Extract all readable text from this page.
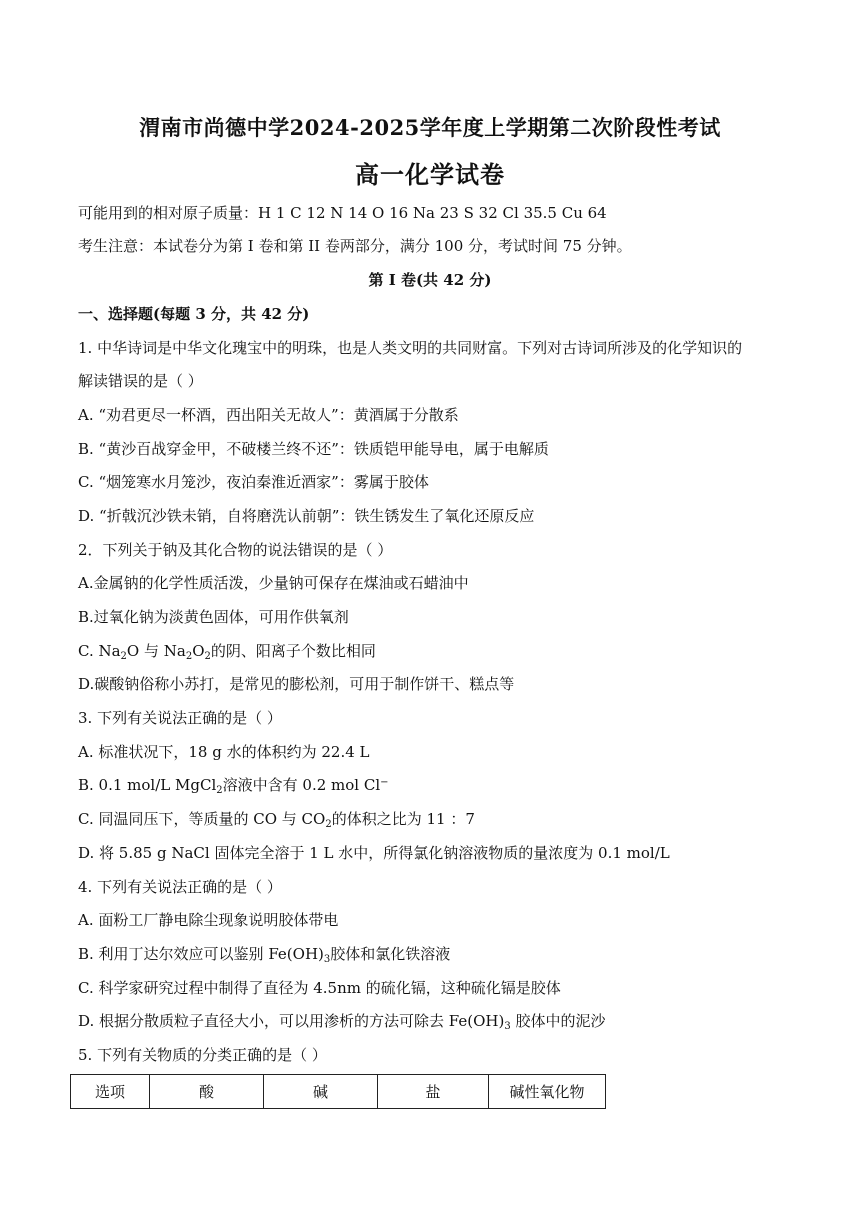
渭南市尚德中学2024-2025学年度上学期第二次阶段性考试
高一化学试卷
可能用到的相对原子质量：H 1 C 12 N 14 O 16 Na 23 S 32 Cl 35.5 Cu 64
考生注意：本试卷分为第 I 卷和第 II 卷两部分，满分 100 分，考试时间 75 分钟。
第 I 卷(共 42 分)
一、选择题(每题 3 分，共 42 分)
1. 中华诗词是中华文化瑰宝中的明珠，也是人类文明的共同财富。下列对古诗词所涉及的化学知识的
解读错误的是（ ）
A. “劝君更尽一杯酒，西出阳关无故人”：黄酒属于分散系
B. “黄沙百战穿金甲，不破楼兰终不还”：铁质铠甲能导电，属于电解质
C. “烟笼寒水月笼沙，夜泊秦淮近酒家”：雾属于胶体
D. “折戟沉沙铁未销，自将磨洗认前朝”：铁生锈发生了氧化还原反应
2．下列关于钠及其化合物的说法错误的是（ ）
A.金属钠的化学性质活泼，少量钠可保存在煤油或石蜡油中
B.过氧化钠为淡黄色固体，可用作供氧剂
C. $Na_2O$ 与 $Na_2O_2$的阴、阳离子个数比相同
D.碳酸钠俗称小苏打，是常见的膨松剂，可用于制作饼干、糕点等
3. 下列有关说法正确的是（ ）
A. 标准状况下，18 g 水的体积约为 22.4 L
B. 0.1 mol/L MgCl$_2$溶液中含有 0.2 mol Cl−
C. 同温同压下，等质量的 CO 与 $CO_2$的体积之比为 11 ：7
D. 将 5.85 g NaCl 固体完全溶于 1 L 水中，所得氯化钠溶液物质的量浓度为 0.1 mol/L
4. 下列有关说法正确的是（ ）
A. 面粉工厂静电除尘现象说明胶体带电
B. 利用丁达尔效应可以鉴别 $Fe(OH)_3$胶体和氯化铁溶液
C. 科学家研究过程中制得了直径为 4.5nm 的硫化镉，这种硫化镉是胶体
D. 根据分散质粒子直径大小，可以用渗析的方法可除去 $Fe(OH)_3$ 胶体中的泥沙
5. 下列有关物质的分类正确的是（ ）
选项	酸	碱	盐	碱性氧化物
